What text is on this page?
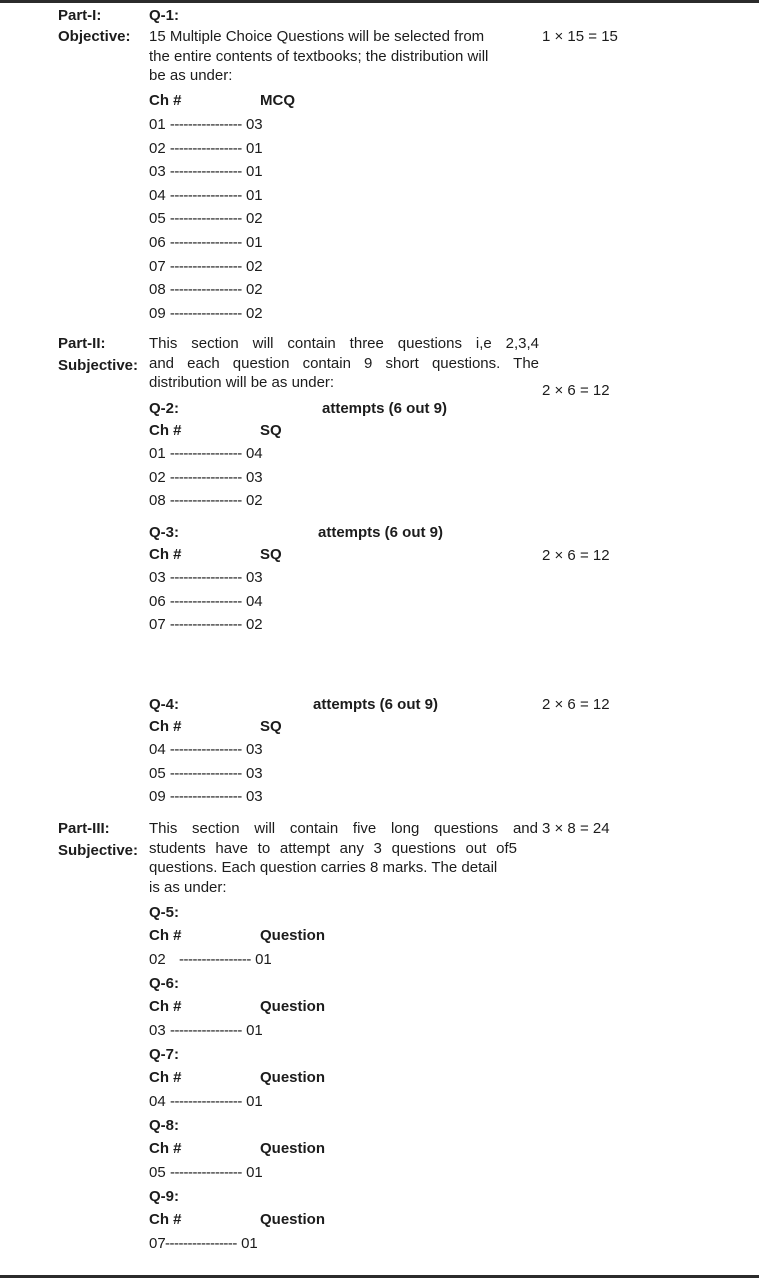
Part-I:	Q-1:
Objective: 15 Multiple Choice Questions will be selected from
the entire contents of textbooks; the distribution will
be as under:
1 × 15 = 15
Ch #	MCQ
01 ---------------- 03
02 ---------------- 01
03 ---------------- 01
04 ---------------- 01
05 ---------------- 02
06 ---------------- 01
07 ---------------- 02
08 ---------------- 02
09 ---------------- 02
Part-II:
Subjective:
This section will contain three questions i,e 2,3,4
and each question contain 9 short questions. The
distribution will be as under:
Q-2:	attempts (6 out 9)
2 × 6 = 12
Ch #	SQ
01 ---------------- 04
02 ---------------- 03
08 ---------------- 02
Q-3:	attempts (6 out 9)
2 × 6 = 12
Ch #	SQ
03 ---------------- 03
06 ---------------- 04
07 ---------------- 02
Q-4:	attempts (6 out 9)	2 × 6 = 12
Ch #	SQ
04 ---------------- 03
05 ---------------- 03
09 ---------------- 03
Part-III:
Subjective:
This section will contain five long questions and
students have to attempt any 3 questions out of5
questions. Each question carries 8 marks. The detail
is as under:
3 × 8 = 24
Q-5:
Ch #	Question
02 ---------------- 01
Q-6:
Ch #	Question
03 ---------------- 01
Q-7:
Ch #	Question
04 ---------------- 01
Q-8:
Ch #	Question
05 ---------------- 01
Q-9:
Ch #	Question
07 ---------------- 01
